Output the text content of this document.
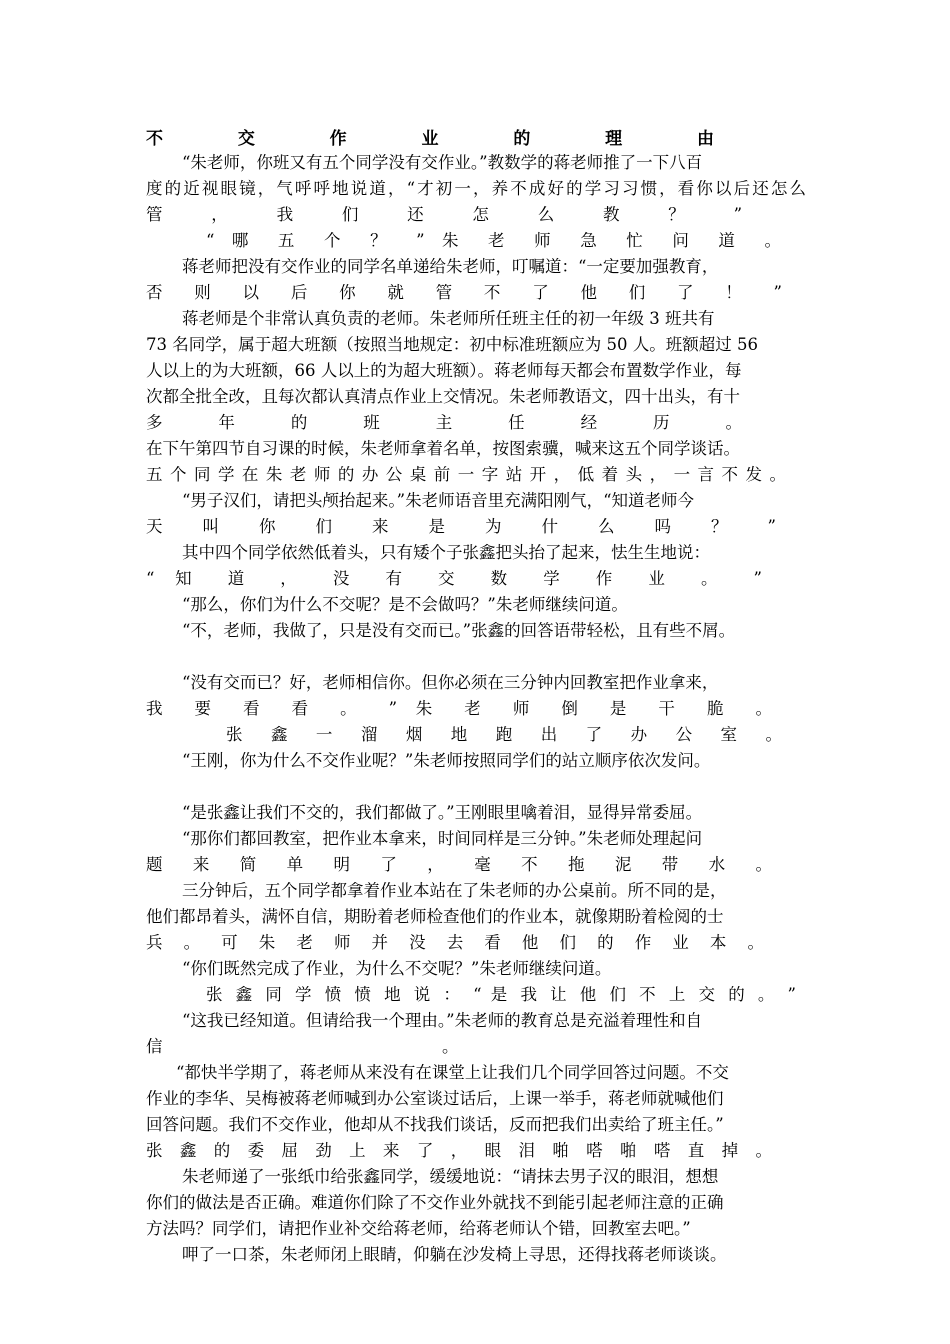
不	交	作	业	的	理	由
“朱老师，你班又有五个同学没有交作业。”教数学的蒋老师推了一下八百
度的近视眼镜，气呼呼地说道，“才初一，养不成好的学习习惯，看你以后还怎么
管 ， 我 们 还 怎 么 教 ？ ”
“ 哪 五 个 ？ ” 朱 老 师 急 忙 问 道 。
蒋老师把没有交作业的同学名单递给朱老师，叮嘱道：“一定要加强教育，
否 则 以 后 你 就 管 不 了 他 们 了 ！ ”
蒋老师是个非常认真负责的老师。朱老师所任班主任的初一年级 3 班共有
73 名同学，属于超大班额（按照当地规定：初中标准班额应为 50 人。班额超过 56
人以上的为大班额，66 人以上的为超大班额）。蒋老师每天都会布置数学作业，每
次都全批全改，且每次都认真清点作业上交情况。朱老师教语文，四十出头，有十
多 年 的 班 主 任 经 历 。
在下午第四节自习课的时候，朱老师拿着名单，按图索骥，喊来这五个同学谈话。
五 个 同 学 在 朱 老 师 的 办 公 桌 前 一 字 站 开 ， 低 着 头 ， 一 言 不 发 。
“男子汉们，请把头颅抬起来。”朱老师语音里充满阳刚气，“知道老师今
天 叫 你 们 来 是 为 什 么 吗 ？ ”
其中四个同学依然低着头，只有矮个子张鑫把头抬了起来，怯生生地说：
“ 知 道 ， 没 有 交 数 学 作 业 。 ”
“那么，你们为什么不交呢？是不会做吗？”朱老师继续问道。
“不，老师，我做了，只是没有交而已。”张鑫的回答语带轻松，且有些不屑。
“没有交而已？好，老师相信你。但你必须在三分钟内回教室把作业拿来，
我 要 看 看 。 ” 朱 老 师 倒 是 干 脆 。
张 鑫 一 溜 烟 地 跑 出 了 办 公 室 。
“王刚，你为什么不交作业呢？”朱老师按照同学们的站立顺序依次发问。
“是张鑫让我们不交的，我们都做了。”王刚眼里噙着泪，显得异常委屈。
“那你们都回教室，把作业本拿来，时间同样是三分钟。”朱老师处理起问
题 来 简 单 明 了 ， 毫 不 拖 泥 带 水 。
三分钟后，五个同学都拿着作业本站在了朱老师的办公桌前。所不同的是，
他们都昂着头，满怀自信，期盼着老师检查他们的作业本，就像期盼着检阅的士
兵 。 可 朱 老 师 并 没 去 看 他 们 的 作 业 本 。
“你们既然完成了作业，为什么不交呢？”朱老师继续问道。
张 鑫 同 学 愤 愤 地 说 ： “ 是 我 让 他 们 不 上 交 的 。 ”
“这我已经知道。但请给我一个理由。”朱老师的教育总是充溢着理性和自
信	。
“都快半学期了，蒋老师从来没有在课堂上让我们几个同学回答过问题。不交
作业的李华、吴梅被蒋老师喊到办公室谈过话后，上课一举手，蒋老师就喊他们
回答问题。我们不交作业，他却从不找我们谈话，反而把我们出卖给了班主任。”
张 鑫 的 委 屈 劲 上 来 了 ， 眼 泪 啪 嗒 啪 嗒 直 掉 。
朱老师递了一张纸巾给张鑫同学，缓缓地说：“请抹去男子汉的眼泪，想想
你们的做法是否正确。难道你们除了不交作业外就找不到能引起老师注意的正确
方法吗？同学们，请把作业补交给蒋老师，给蒋老师认个错，回教室去吧。”
呷了一口茶，朱老师闭上眼睛，仰躺在沙发椅上寻思，还得找蒋老师谈谈。
